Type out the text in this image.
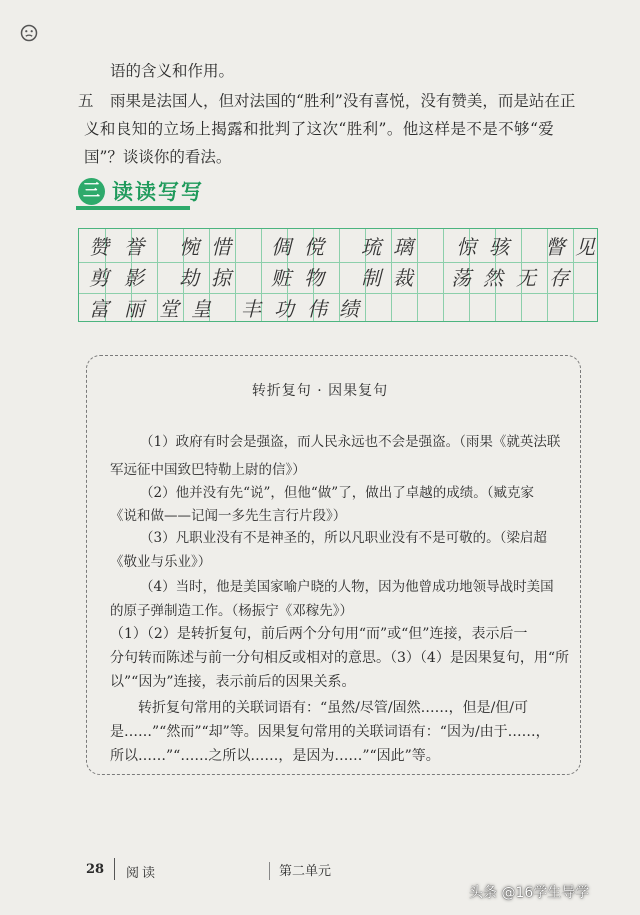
语的含义和作用。
五 雨果是法国人，但对法国的“胜利”没有喜悦，没有赞美，而是站在正
义和良知的立场上揭露和批判了这次“胜利”。他这样是不是不够“爱
国”？谈谈你的看法。
三 读读写写
赞 誉 惋 惜 倜 傥 琉 璃 惊 骇 瞥 见
剪 影 劫 掠 赃 物 制 裁 荡 然 无 存
富 丽 堂 皇 丰 功 伟 绩
转折复句 · 因果复句
（1）政府有时会是强盗，而人民永远也不会是强盗。（雨果《就英法联
军远征中国致巴特勒上尉的信》）
（2）他并没有先“说”，但他“做”了，做出了卓越的成绩。（臧克家
《说和做——记闻一多先生言行片段》）
（3）凡职业没有不是神圣的，所以凡职业没有不是可敬的。（梁启超
《敬业与乐业》）
（4）当时，他是美国家喻户晓的人物，因为他曾成功地领导战时美国
的原子弹制造工作。（杨振宁《邓稼先》）
（1）（2）是转折复句，前后两个分句用“而”或“但”连接，表示后一
分句转而陈述与前一分句相反或相对的意思。（3）（4）是因果复句，用“所
以”“因为”连接，表示前后的因果关系。
转折复句常用的关联词语有：“虽然/尽管/固然……，但是/但/可
是……”“然而”“却”等。因果复句常用的关联词语有：“因为/由于……，
所以……”“……之所以……，是因为……”“因此”等。
28 阅读	第二单元
头条 @16学生导学
